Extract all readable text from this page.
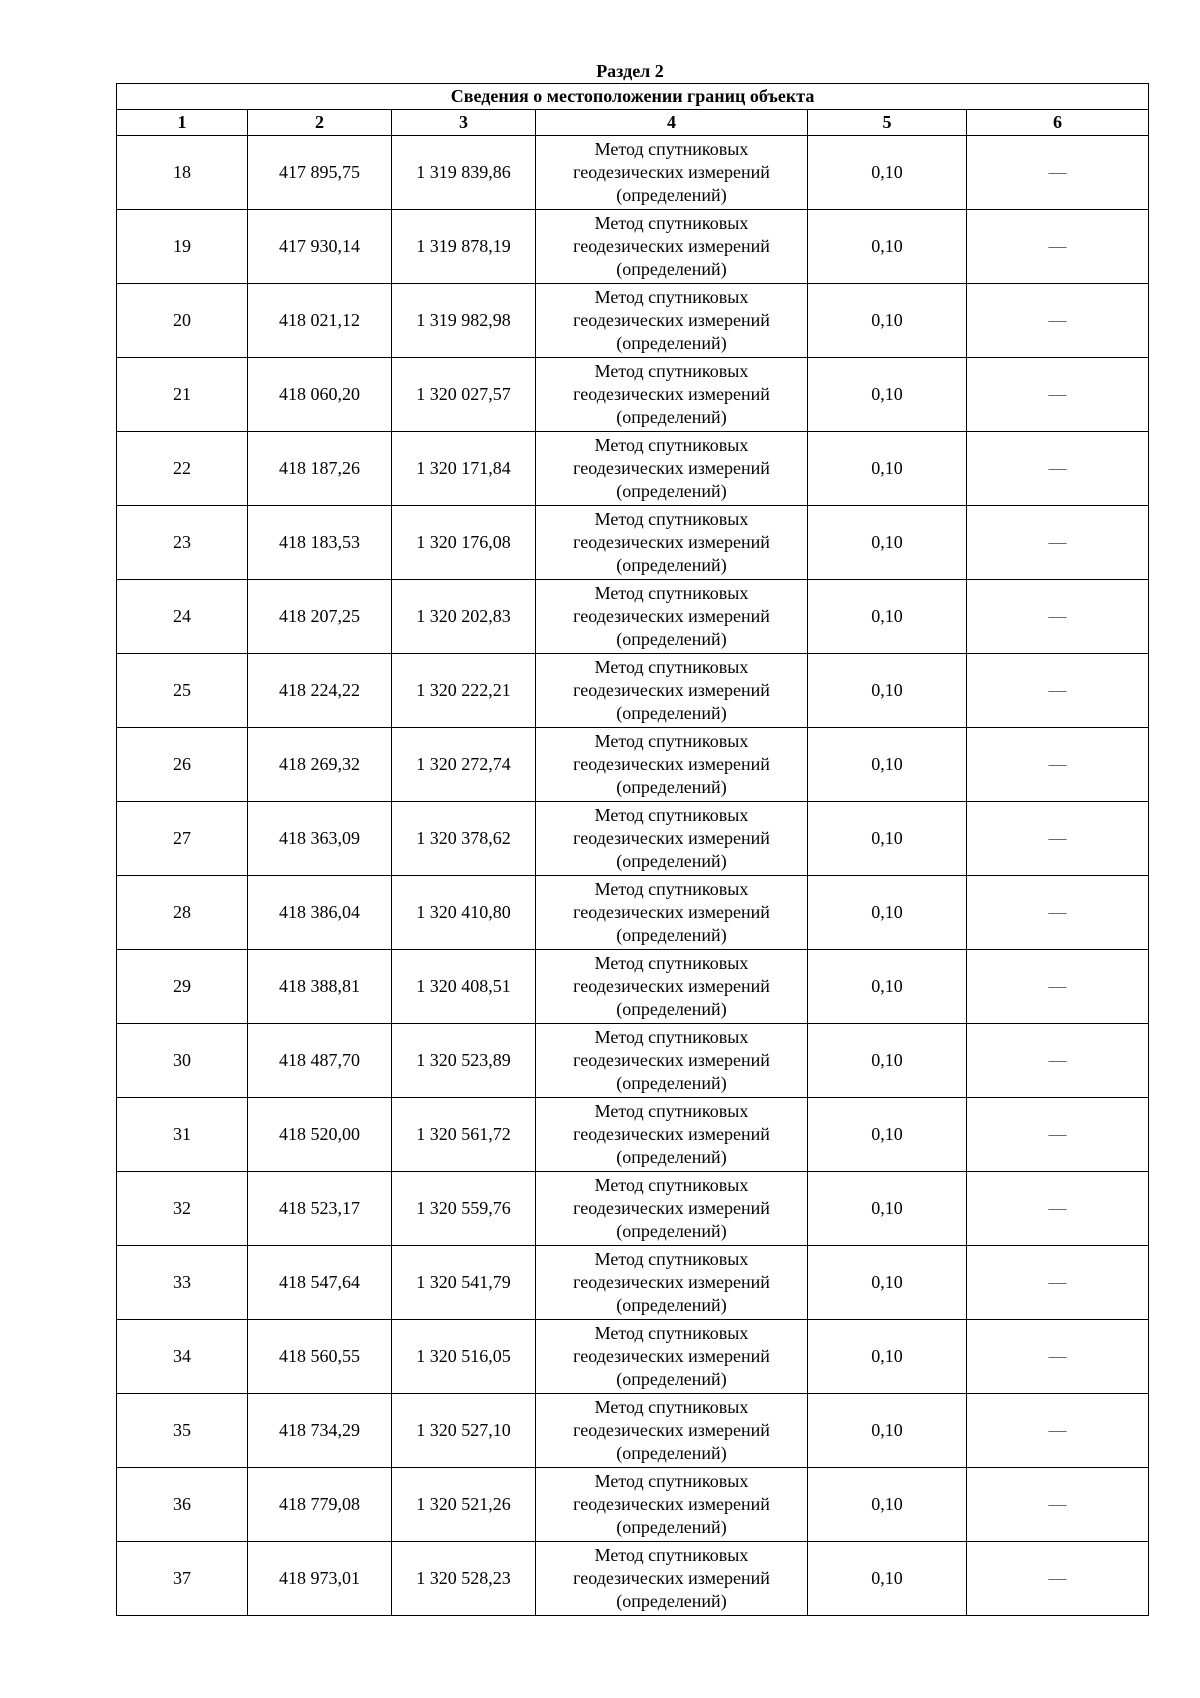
Раздел 2
Сведения о местоположении границ объекта					
1	2	3	4	5	6
18	417 895,75	1 319 839,86	Метод спутниковых
геодезических измерений
(определений)	0,10	—
19	417 930,14	1 319 878,19	Метод спутниковых
геодезических измерений
(определений)	0,10	—
20	418 021,12	1 319 982,98	Метод спутниковых
геодезических измерений
(определений)	0,10	—
21	418 060,20	1 320 027,57	Метод спутниковых
геодезических измерений
(определений)	0,10	—
22	418 187,26	1 320 171,84	Метод спутниковых
геодезических измерений
(определений)	0,10	—
23	418 183,53	1 320 176,08	Метод спутниковых
геодезических измерений
(определений)	0,10	—
24	418 207,25	1 320 202,83	Метод спутниковых
геодезических измерений
(определений)	0,10	—
25	418 224,22	1 320 222,21	Метод спутниковых
геодезических измерений
(определений)	0,10	—
26	418 269,32	1 320 272,74	Метод спутниковых
геодезических измерений
(определений)	0,10	—
27	418 363,09	1 320 378,62	Метод спутниковых
геодезических измерений
(определений)	0,10	—
28	418 386,04	1 320 410,80	Метод спутниковых
геодезических измерений
(определений)	0,10	—
29	418 388,81	1 320 408,51	Метод спутниковых
геодезических измерений
(определений)	0,10	—
30	418 487,70	1 320 523,89	Метод спутниковых
геодезических измерений
(определений)	0,10	—
31	418 520,00	1 320 561,72	Метод спутниковых
геодезических измерений
(определений)	0,10	—
32	418 523,17	1 320 559,76	Метод спутниковых
геодезических измерений
(определений)	0,10	—
33	418 547,64	1 320 541,79	Метод спутниковых
геодезических измерений
(определений)	0,10	—
34	418 560,55	1 320 516,05	Метод спутниковых
геодезических измерений
(определений)	0,10	—
35	418 734,29	1 320 527,10	Метод спутниковых
геодезических измерений
(определений)	0,10	—
36	418 779,08	1 320 521,26	Метод спутниковых
геодезических измерений
(определений)	0,10	—
37	418 973,01	1 320 528,23	Метод спутниковых
геодезических измерений
(определений)	0,10	—
